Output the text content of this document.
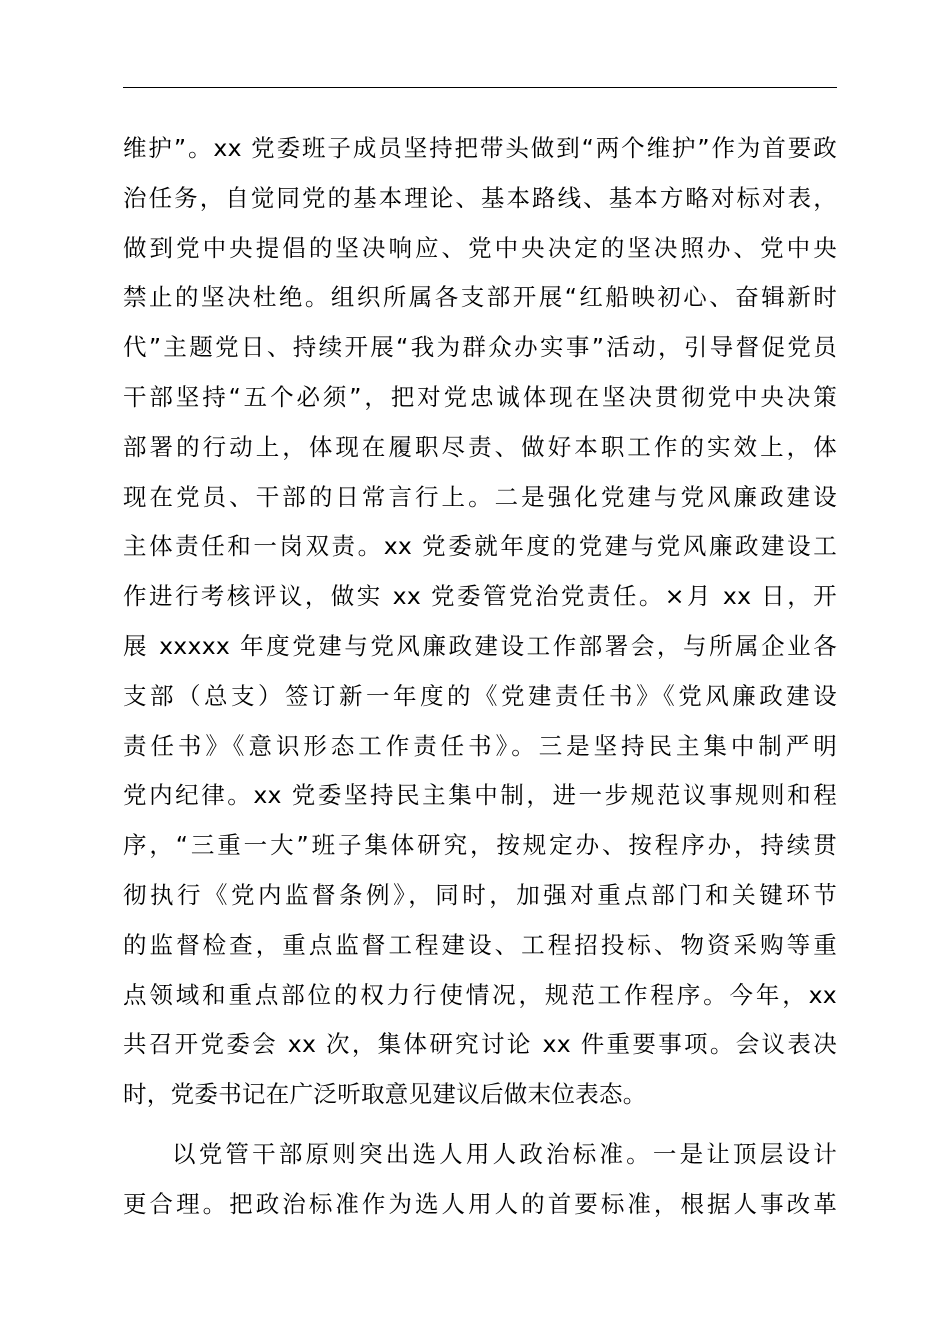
维护”。xx 党委班子成员坚持把带头做到“两个维护”作为首要政
治任务，自觉同党的基本理论、基本路线、基本方略对标对表，
做到党中央提倡的坚决响应、党中央决定的坚决照办、党中央
禁止的坚决杜绝。组织所属各支部开展“红船映初心、奋辑新时
代”主题党日、持续开展“我为群众办实事”活动，引导督促党员
干部坚持“五个必须”，把对党忠诚体现在坚决贯彻党中央决策
部署的行动上，体现在履职尽责、做好本职工作的实效上，体
现在党员、干部的日常言行上。二是强化党建与党风廉政建设
主体责任和一岗双责。xx 党委就年度的党建与党风廉政建设工
作进行考核评议，做实 xx 党委管党治党责任。×月 xx 日，开
展 xxxxx 年度党建与党风廉政建设工作部署会，与所属企业各
支部（总支）签订新一年度的《党建责任书》《党风廉政建设
责任书》《意识形态工作责任书》。三是坚持民主集中制严明
党内纪律。xx 党委坚持民主集中制，进一步规范议事规则和程
序，“三重一大”班子集体研究，按规定办、按程序办，持续贯
彻执行《党内监督条例》，同时，加强对重点部门和关键环节
的监督检查，重点监督工程建设、工程招投标、物资采购等重
点领域和重点部位的权力行使情况，规范工作程序。今年，xx
共召开党委会 xx 次，集体研究讨论 xx 件重要事项。会议表决
时，党委书记在广泛听取意见建议后做末位表态。
以党管干部原则突出选人用人政治标准。一是让顶层设计
更合理。把政治标准作为选人用人的首要标准，根据人事改革
